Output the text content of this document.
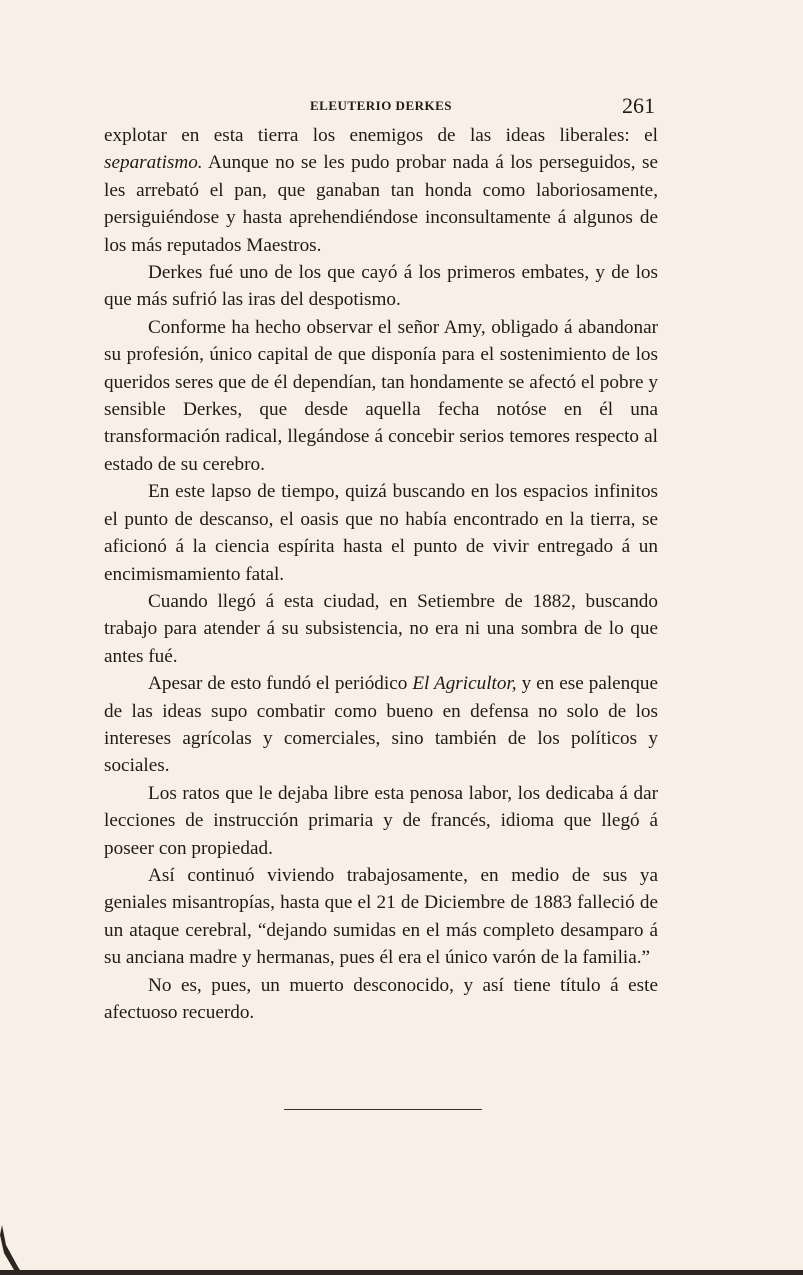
ELEUTERIO DERKES	261

explotar en esta tierra los enemigos de las ideas liberales: el separatismo. Aunque no se les pudo probar nada á los perseguidos, se les arrebató el pan, que ganaban tan honda como laboriosamente, persiguiéndose y hasta aprehendiéndose inconsultamente á algunos de los más reputados Maestros.

Derkes fué uno de los que cayó á los primeros embates, y de los que más sufrió las iras del despotismo.

Conforme ha hecho observar el señor Amy, obligado á abandonar su profesión, único capital de que disponía para el sostenimiento de los queridos seres que de él dependían, tan hondamente se afectó el pobre y sensible Derkes, que desde aquella fecha notóse en él una transformación radical, llegándose á concebir serios temores respecto al estado de su cerebro.

En este lapso de tiempo, quizá buscando en los espacios infinitos el punto de descanso, el oasis que no había encontrado en la tierra, se aficionó á la ciencia espírita hasta el punto de vivir entregado á un encimismamiento fatal.

Cuando llegó á esta ciudad, en Setiembre de 1882, buscando trabajo para atender á su subsistencia, no era ni una sombra de lo que antes fué.

Apesar de esto fundó el periódico El Agricultor, y en ese palenque de las ideas supo combatir como bueno en defensa no solo de los intereses agrícolas y comerciales, sino también de los políticos y sociales.

Los ratos que le dejaba libre esta penosa labor, los dedicaba á dar lecciones de instrucción primaria y de francés, idioma que llegó á poseer con propiedad.

Así continuó viviendo trabajosamente, en medio de sus ya geniales misantropías, hasta que el 21 de Diciembre de 1883 falleció de un ataque cerebral, “dejando sumidas en el más completo desamparo á su anciana madre y hermanas, pues él era el único varón de la familia.”

No es, pues, un muerto desconocido, y así tiene título á este afectuoso recuerdo.
